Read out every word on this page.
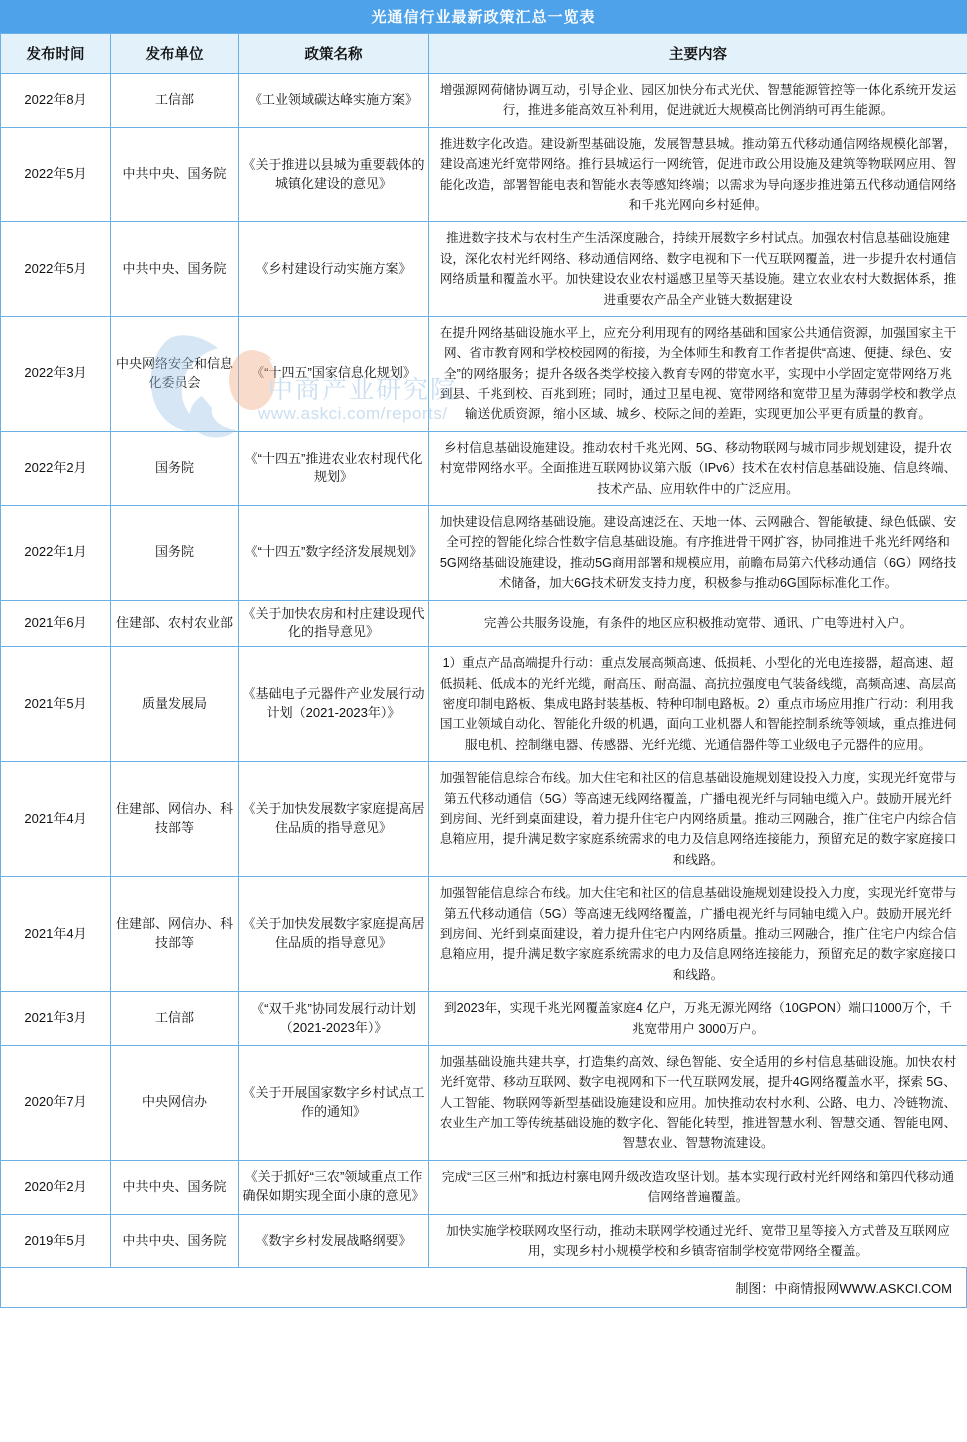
中商产业研究院
www.askci.com/reports/
光通信行业最新政策汇总一览表
发布时间	发布单位	政策名称	主要内容
2022年8月	工信部	《工业领域碳达峰实施方案》	增强源网荷储协调互动，引导企业、园区加快分布式光伏、智慧能源管控等一体化系统开发运行，推进多能高效互补利用，促进就近大规模高比例消纳可再生能源。
2022年5月	中共中央、国务院	《关于推进以县城为重要载体的城镇化建设的意见》	推进数字化改造。建设新型基础设施，发展智慧县城。推动第五代移动通信网络规模化部署，建设高速光纤宽带网络。推行县城运行一网统管，促进市政公用设施及建筑等物联网应用、智能化改造，部署智能电表和智能水表等感知终端；以需求为导向逐步推进第五代移动通信网络和千兆光网向乡村延伸。
2022年5月	中共中央、国务院	《乡村建设行动实施方案》	推进数字技术与农村生产生活深度融合，持续开展数字乡村试点。加强农村信息基础设施建设，深化农村光纤网络、移动通信网络、数字电视和下一代互联网覆盖，进一步提升农村通信网络质量和覆盖水平。加快建设农业农村遥感卫星等天基设施。建立农业农村大数据体系，推进重要农产品全产业链大数据建设
2022年3月	中央网络安全和信息化委员会	《“十四五”国家信息化规划》	在提升网络基础设施水平上，应充分利用现有的网络基础和国家公共通信资源，加强国家主干网、省市教育网和学校校园网的衔接，为全体师生和教育工作者提供“高速、便捷、绿色、安全”的网络服务；提升各级各类学校接入教育专网的带宽水平，实现中小学固定宽带网络万兆到县、千兆到校、百兆到班；同时，通过卫星电视、宽带网络和宽带卫星为薄弱学校和教学点输送优质资源，缩小区域、城乡、校际之间的差距，实现更加公平更有质量的教育。
2022年2月	国务院	《“十四五”推进农业农村现代化规划》	乡村信息基础设施建设。推动农村千兆光网、5G、移动物联网与城市同步规划建设，提升农村宽带网络水平。全面推进互联网协议第六版（IPv6）技术在农村信息基础设施、信息终端、技术产品、应用软件中的广泛应用。
2022年1月	国务院	《“十四五”数字经济发展规划》	加快建设信息网络基础设施。建设高速泛在、天地一体、云网融合、智能敏捷、绿色低碳、安全可控的智能化综合性数字信息基础设施。有序推进骨干网扩容，协同推进千兆光纤网络和5G网络基础设施建设，推动5G商用部署和规模应用，前瞻布局第六代移动通信（6G）网络技术储备，加大6G技术研发支持力度，积极参与推动6G国际标准化工作。
2021年6月	住建部、农村农业部	《关于加快农房和村庄建设现代化的指导意见》	完善公共服务设施，有条件的地区应积极推动宽带、通讯、广电等进村入户。
2021年5月	质量发展局	《基础电子元器件产业发展行动计划（2021-2023年）》	1）重点产品高端提升行动：重点发展高频高速、低损耗、小型化的光电连接器，超高速、超低损耗、低成本的光纤光缆，耐高压、耐高温、高抗拉强度电气装备线缆，高频高速、高层高密度印制电路板、集成电路封装基板、特种印制电路板。2）重点市场应用推广行动：利用我国工业领域自动化、智能化升级的机遇，面向工业机器人和智能控制系统等领域，重点推进伺服电机、控制继电器、传感器、光纤光缆、光通信器件等工业级电子元器件的应用。
2021年4月	住建部、网信办、科技部等	《关于加快发展数字家庭提高居住品质的指导意见》	加强智能信息综合布线。加大住宅和社区的信息基础设施规划建设投入力度，实现光纤宽带与第五代移动通信（5G）等高速无线网络覆盖，广播电视光纤与同轴电缆入户。鼓励开展光纤到房间、光纤到桌面建设，着力提升住宅户内网络质量。推动三网融合，推广住宅户内综合信息箱应用，提升满足数字家庭系统需求的电力及信息网络连接能力，预留充足的数字家庭接口和线路。
2021年4月	住建部、网信办、科技部等	《关于加快发展数字家庭提高居住品质的指导意见》	加强智能信息综合布线。加大住宅和社区的信息基础设施规划建设投入力度，实现光纤宽带与第五代移动通信（5G）等高速无线网络覆盖，广播电视光纤与同轴电缆入户。鼓励开展光纤到房间、光纤到桌面建设，着力提升住宅户内网络质量。推动三网融合，推广住宅户内综合信息箱应用，提升满足数字家庭系统需求的电力及信息网络连接能力，预留充足的数字家庭接口和线路。
2021年3月	工信部	《“双千兆”协同发展行动计划（2021-2023年）》	到2023年，实现千兆光网覆盖家庭4 亿户，万兆无源光网络（10GPON）端口1000万个，千兆宽带用户 3000万户。
2020年7月	中央网信办	《关于开展国家数字乡村试点工作的通知》	加强基础设施共建共享，打造集约高效、绿色智能、安全适用的乡村信息基础设施。加快农村光纤宽带、移动互联网、数字电视网和下一代互联网发展，提升4G网络覆盖水平，探索 5G、人工智能、物联网等新型基础设施建设和应用。加快推动农村水利、公路、电力、冷链物流、农业生产加工等传统基础设施的数字化、智能化转型，推进智慧水利、智慧交通、智能电网、智慧农业、智慧物流建设。
2020年2月	中共中央、国务院	《关于抓好“三农”领域重点工作确保如期实现全面小康的意见》	完成“三区三州”和抵边村寨电网升级改造攻坚计划。基本实现行政村光纤网络和第四代移动通信网络普遍覆盖。
2019年5月	中共中央、国务院	《数字乡村发展战略纲要》	加快实施学校联网攻坚行动，推动未联网学校通过光纤、宽带卫星等接入方式普及互联网应用，实现乡村小规模学校和乡镇寄宿制学校宽带网络全覆盖。
制图：中商情报网WWW.ASKCI.COM
